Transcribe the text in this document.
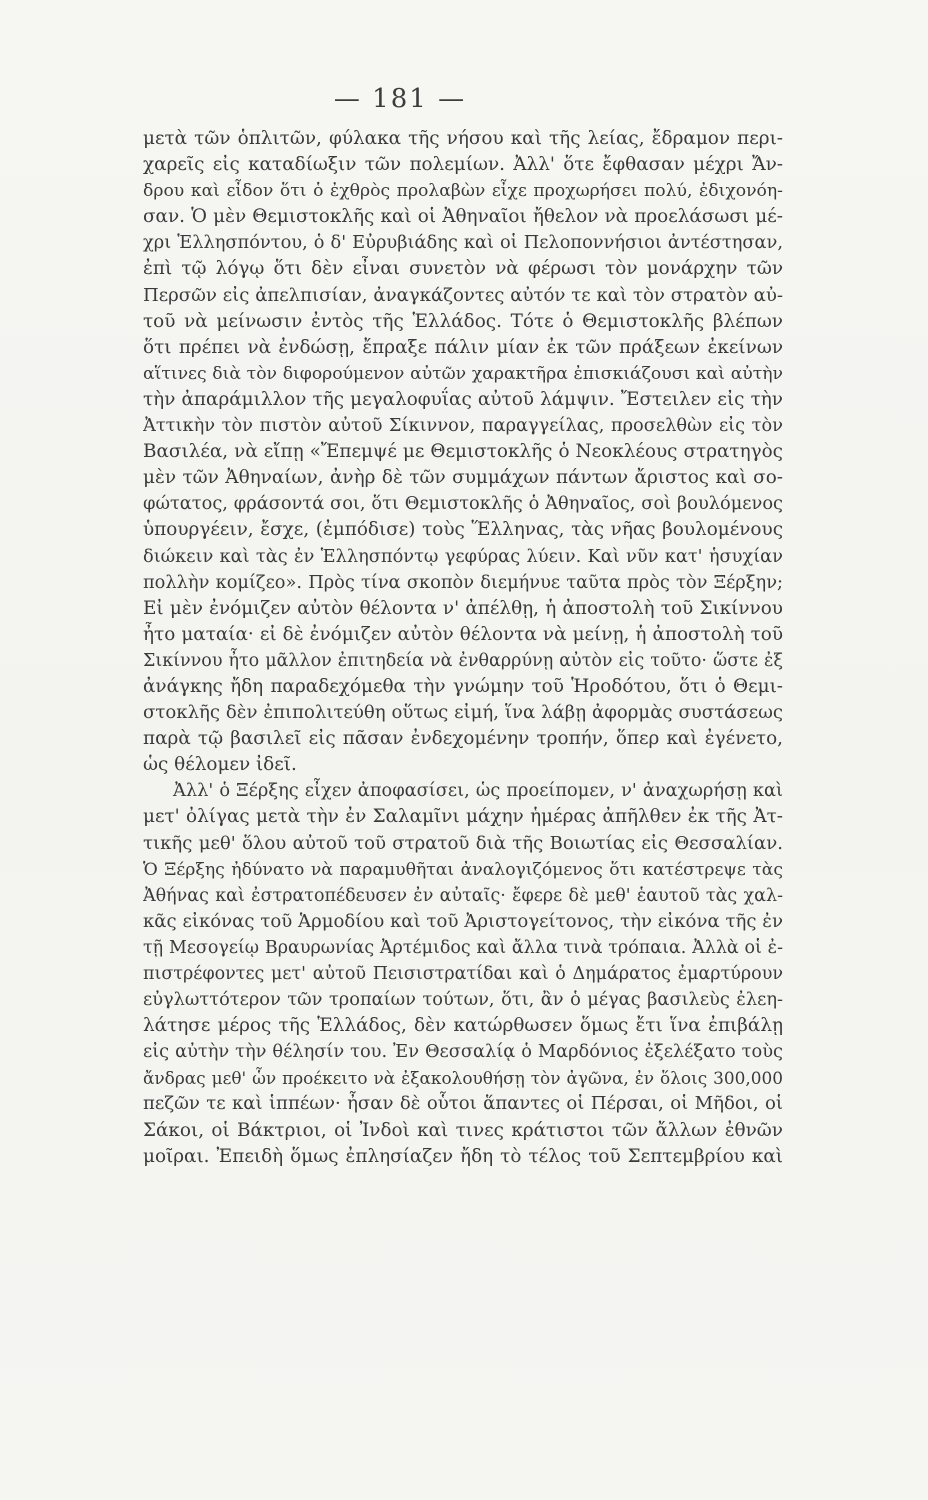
— 181 —
μετὰ τῶν ὁπλιτῶν, φύλακα τῆς νήσου καὶ τῆς λείας, ἔδραμον περι-
χαρεῖς εἰς καταδίωξιν τῶν πολεμίων. Ἀλλ' ὅτε ἔφθασαν μέχρι Ἄν-
δρου καὶ εἶδον ὅτι ὁ ἐχθρὸς προλαβὼν εἶχε προχωρήσει πολύ, ἐδιχονόη-
σαν. Ὁ μὲν Θεμιστοκλῆς καὶ οἱ Ἀθηναῖοι ἤθελον νὰ προελάσωσι μέ-
χρι Ἑλλησπόντου, ὁ δ' Εὐρυβιάδης καὶ οἱ Πελοποννήσιοι ἀντέστησαν,
ἐπὶ τῷ λόγῳ ὅτι δὲν εἶναι συνετὸν νὰ φέρωσι τὸν μονάρχην τῶν
Περσῶν εἰς ἀπελπισίαν, ἀναγκάζοντες αὐτόν τε καὶ τὸν στρατὸν αὐ-
τοῦ νὰ μείνωσιν ἐντὸς τῆς Ἑλλάδος. Τότε ὁ Θεμιστοκλῆς βλέπων
ὅτι πρέπει νὰ ἐνδώσῃ, ἔπραξε πάλιν μίαν ἐκ τῶν πράξεων ἐκείνων
αἵτινες διὰ τὸν διφορούμενον αὐτῶν χαρακτῆρα ἐπισκιάζουσι καὶ αὐτὴν
τὴν ἀπαράμιλλον τῆς μεγαλοφυΐας αὐτοῦ λάμψιν. Ἔστειλεν εἰς τὴν
Ἀττικὴν τὸν πιστὸν αὐτοῦ Σίκιννον, παραγγείλας, προσελθὼν εἰς τὸν
Βασιλέα, νὰ εἴπῃ «Ἔπεμψέ με Θεμιστοκλῆς ὁ Νεοκλέους στρατηγὸς
μὲν τῶν Ἀθηναίων, ἀνὴρ δὲ τῶν συμμάχων πάντων ἄριστος καὶ σο-
φώτατος, φράσοντά σοι, ὅτι Θεμιστοκλῆς ὁ Ἀθηναῖος, σοὶ βουλόμενος
ὑπουργέειν, ἔσχε, (ἐμπόδισε) τοὺς Ἕλληνας, τὰς νῆας βουλομένους
διώκειν καὶ τὰς ἐν Ἑλλησπόντῳ γεφύρας λύειν. Καὶ νῦν κατ' ἡσυχίαν
πολλὴν κομίζεο». Πρὸς τίνα σκοπὸν διεμήνυε ταῦτα πρὸς τὸν Ξέρξην;
Εἰ μὲν ἐνόμιζεν αὐτὸν θέλοντα ν' ἀπέλθῃ, ἡ ἀποστολὴ τοῦ Σικίννου
ἦτο ματαία· εἰ δὲ ἐνόμιζεν αὐτὸν θέλοντα νὰ μείνῃ, ἡ ἀποστολὴ τοῦ
Σικίννου ἦτο μᾶλλον ἐπιτηδεία νὰ ἐνθαρρύνῃ αὐτὸν εἰς τοῦτο· ὥστε ἐξ
ἀνάγκης ἤδη παραδεχόμεθα τὴν γνώμην τοῦ Ἡροδότου, ὅτι ὁ Θεμι-
στοκλῆς δὲν ἐπιπολιτεύθη οὕτως εἰμή, ἵνα λάβῃ ἀφορμὰς συστάσεως
παρὰ τῷ βασιλεῖ εἰς πᾶσαν ἐνδεχομένην τροπήν, ὅπερ καὶ ἐγένετο,
ὡς θέλομεν ἰδεῖ.
Ἀλλ' ὁ Ξέρξης εἶχεν ἀποφασίσει, ὡς προείπομεν, ν' ἀναχωρήσῃ καὶ
μετ' ὀλίγας μετὰ τὴν ἐν Σαλαμῖνι μάχην ἡμέρας ἀπῆλθεν ἐκ τῆς Ἀτ-
τικῆς μεθ' ὅλου αὐτοῦ τοῦ στρατοῦ διὰ τῆς Βοιωτίας εἰς Θεσσαλίαν.
Ὁ Ξέρξης ἠδύνατο νὰ παραμυθῆται ἀναλογιζόμενος ὅτι κατέστρεψε τὰς
Ἀθήνας καὶ ἐστρατοπέδευσεν ἐν αὐταῖς· ἔφερε δὲ μεθ' ἑαυτοῦ τὰς χαλ-
κᾶς εἰκόνας τοῦ Ἁρμοδίου καὶ τοῦ Ἀριστογείτονος, τὴν εἰκόνα τῆς ἐν
τῇ Μεσογείῳ Βραυρωνίας Ἀρτέμιδος καὶ ἄλλα τινὰ τρόπαια. Ἀλλὰ οἱ ἐ-
πιστρέφοντες μετ' αὐτοῦ Πεισιστρατίδαι καὶ ὁ Δημάρατος ἐμαρτύρουν
εὐγλωττότερον τῶν τροπαίων τούτων, ὅτι, ἂν ὁ μέγας βασιλεὺς ἐλεη-
λάτησε μέρος τῆς Ἑλλάδος, δὲν κατώρθωσεν ὅμως ἔτι ἵνα ἐπιβάλῃ
εἰς αὐτὴν τὴν θέλησίν του. Ἐν Θεσσαλίᾳ ὁ Μαρδόνιος ἐξελέξατο τοὺς
ἄνδρας μεθ' ὧν προέκειτο νὰ ἐξακολουθήσῃ τὸν ἀγῶνα, ἐν ὅλοις 300,000
πεζῶν τε καὶ ἱππέων· ἦσαν δὲ οὗτοι ἅπαντες οἱ Πέρσαι, οἱ Μῆδοι, οἱ
Σάκοι, οἱ Βάκτριοι, οἱ Ἰνδοὶ καὶ τινες κράτιστοι τῶν ἄλλων ἐθνῶν
μοῖραι. Ἐπειδὴ ὅμως ἐπλησίαζεν ἤδη τὸ τέλος τοῦ Σεπτεμβρίου καὶ
